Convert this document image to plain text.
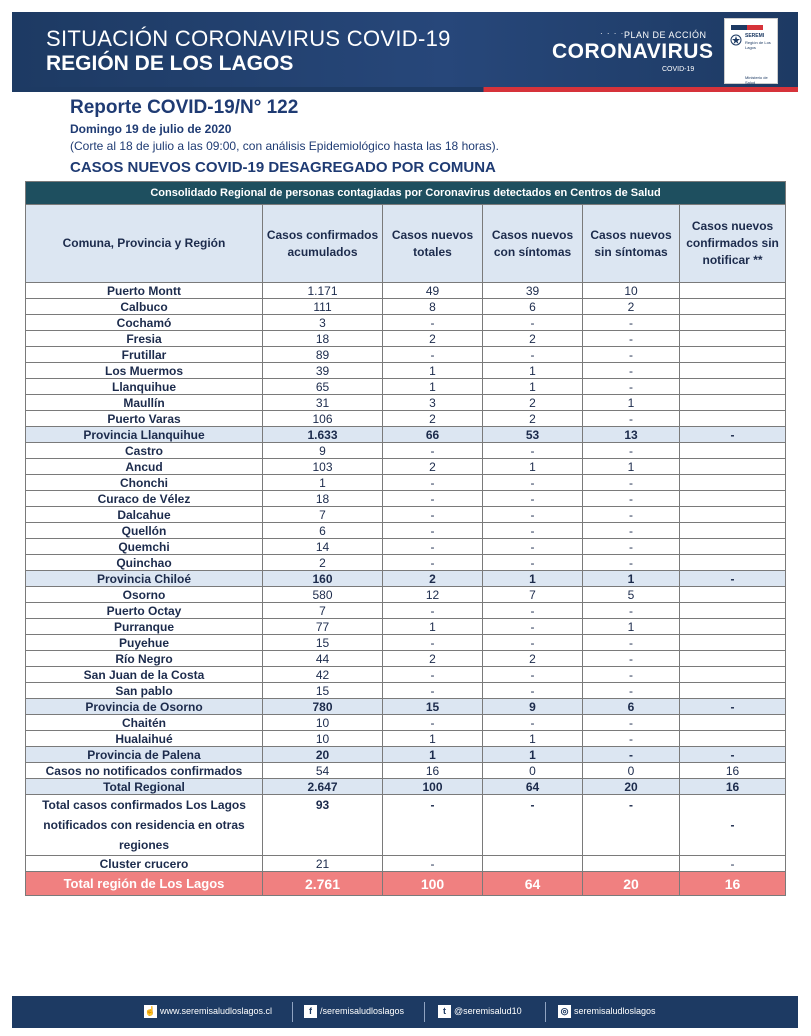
SITUACIÓN CORONAVIRUS COVID-19
REGIÓN DE LOS LAGOS
· · · · ·
PLAN DE ACCIÓN
CORONAVIRUS
COVID-19
SEREMI
Región de Los Lagos
Ministerio de Salud
Reporte COVID-19/N° 122
Domingo 19 de julio de 2020
(Corte al 18 de julio a las 09:00, con análisis Epidemiológico hasta las 18 horas).
CASOS NUEVOS COVID-19 DESAGREGADO POR COMUNA
Consolidado Regional de personas contagiadas por Coronavirus detectados en Centros de Salud					
Comuna, Provincia y Región	Casos confirmados acumulados	Casos nuevos totales	Casos nuevos con síntomas	Casos nuevos sin síntomas	Casos nuevos confirmados sin notificar **
Puerto Montt	1.171	49	39	10	
Calbuco	111	8	6	2	
Cochamó	3	-	-	-	
Fresia	18	2	2	-	
Frutillar	89	-	-	-	
Los Muermos	39	1	1	-	
Llanquihue	65	1	1	-	
Maullín	31	3	2	1	
Puerto Varas	106	2	2	-	
Provincia Llanquihue	1.633	66	53	13	-
Castro	9	-	-	-	
Ancud	103	2	1	1	
Chonchi	1	-	-	-	
Curaco de Vélez	18	-	-	-	
Dalcahue	7	-	-	-	
Quellón	6	-	-	-	
Quemchi	14	-	-	-	
Quinchao	2	-	-	-	
Provincia Chiloé	160	2	1	1	-
Osorno	580	12	7	5	
Puerto Octay	7	-	-	-	
Purranque	77	1	-	1	
Puyehue	15	-	-	-	
Río Negro	44	2	2	-	
San Juan de la Costa	42	-	-	-	
San pablo	15	-	-	-	
Provincia de Osorno	780	15	9	6	-
Chaitén	10	-	-	-	
Hualaihué	10	1	1	-	
Provincia de Palena	20	1	1	-	-
Casos no notificados confirmados	54	16	0	0	16
Total Regional	2.647	100	64	20	16
Total casos confirmados Los Lagos notificados con residencia en otras regiones	93	-	-	-	-
Cluster crucero	21	-			-
Total región de Los Lagos	2.761	100	64	20	16
☝ www.seremisaludloslagos.cl	f /seremisaludloslagos	t @seremisalud10	◎ seremisaludloslagos
